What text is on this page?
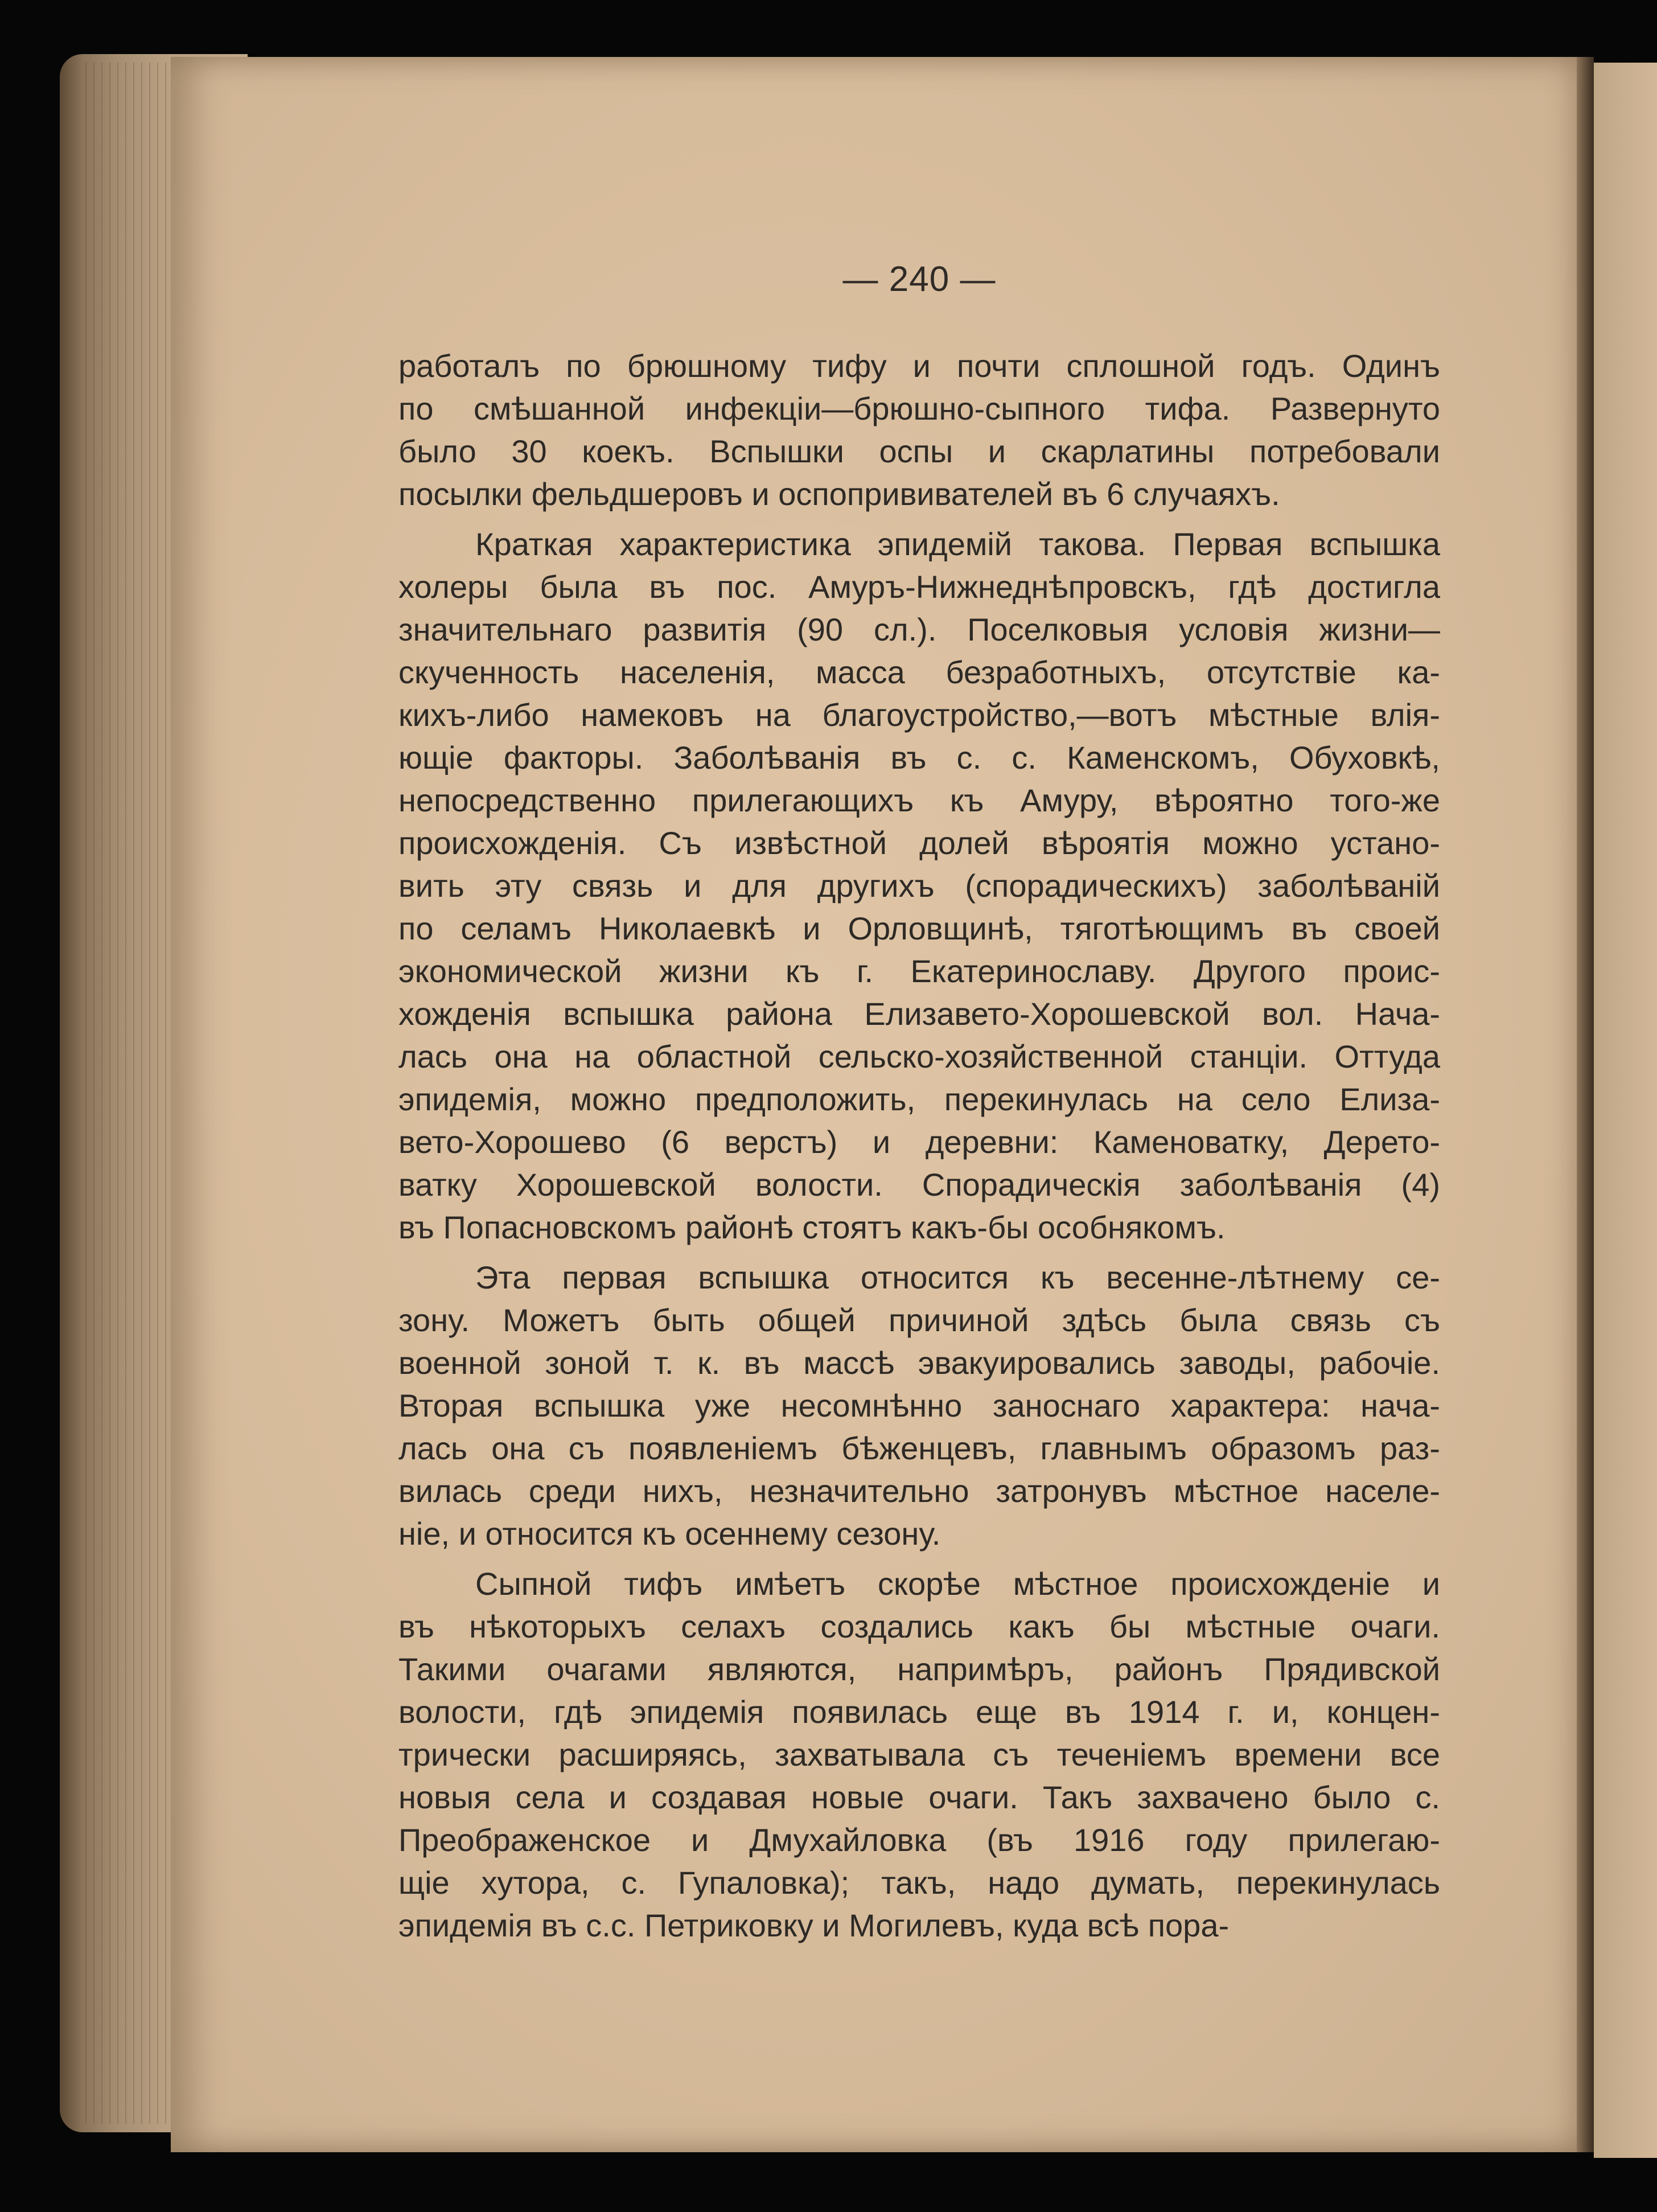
— 240 —
работалъ по брюшному тифу и почти сплошной годъ. Одинъ
по смѣшанной инфекціи—брюшно-сыпного тифа. Развернуто
было 30 коекъ. Вспышки оспы и скарлатины потребовали
посылки фельдшеровъ и оспопрививателей въ 6 случаяхъ.
Краткая характеристика эпидемій такова. Первая вспышка
холеры была въ пос. Амуръ-Нижнеднѣпровскъ, гдѣ достигла
значительнаго развитія (90 сл.). Поселковыя условія жизни—
скученность населенія, масса безработныхъ, отсутствіе ка-
кихъ-либо намековъ на благоустройство,—вотъ мѣстные влія-
ющіе факторы. Заболѣванія въ с. с. Каменскомъ, Обуховкѣ,
непосредственно прилегающихъ къ Амуру, вѣроятно того-же
происхожденія. Съ извѣстной долей вѣроятія можно устано-
вить эту связь и для другихъ (спорадическихъ) заболѣваній
по селамъ Николаевкѣ и Орловщинѣ, тяготѣющимъ въ своей
экономической жизни къ г. Екатеринославу. Другого проис-
хожденія вспышка района Елизавето-Хорошевской вол. Нача-
лась она на областной сельско-хозяйственной станціи. Оттуда
эпидемія, можно предположить, перекинулась на село Елиза-
вето-Хорошево (6 верстъ) и деревни: Каменоватку, Дерето-
ватку Хорошевской волости. Спорадическія заболѣванія (4)
въ Попасновскомъ районѣ стоятъ какъ-бы особнякомъ.
Эта первая вспышка относится къ весенне-лѣтнему се-
зону. Можетъ быть общей причиной здѣсь была связь съ
военной зоной т. к. въ массѣ эвакуировались заводы, рабочіе.
Вторая вспышка уже несомнѣнно заноснаго характера: нача-
лась она съ появленіемъ бѣженцевъ, главнымъ образомъ раз-
вилась среди нихъ, незначительно затронувъ мѣстное населе-
ніе, и относится къ осеннему сезону.
Сыпной тифъ имѣетъ скорѣе мѣстное происхожденіе и
въ нѣкоторыхъ селахъ создались какъ бы мѣстные очаги.
Такими очагами являются, напримѣръ, районъ Прядивской
волости, гдѣ эпидемія появилась еще въ 1914 г. и, концен-
трически расширяясь, захватывала съ теченіемъ времени все
новыя села и создавая новые очаги. Такъ захвачено было с.
Преображенское и Дмухайловка (въ 1916 году прилегаю-
щіе хутора, с. Гупаловка); такъ, надо думать, перекинулась
эпидемія въ с.с. Петриковку и Могилевъ, куда всѣ пора-
